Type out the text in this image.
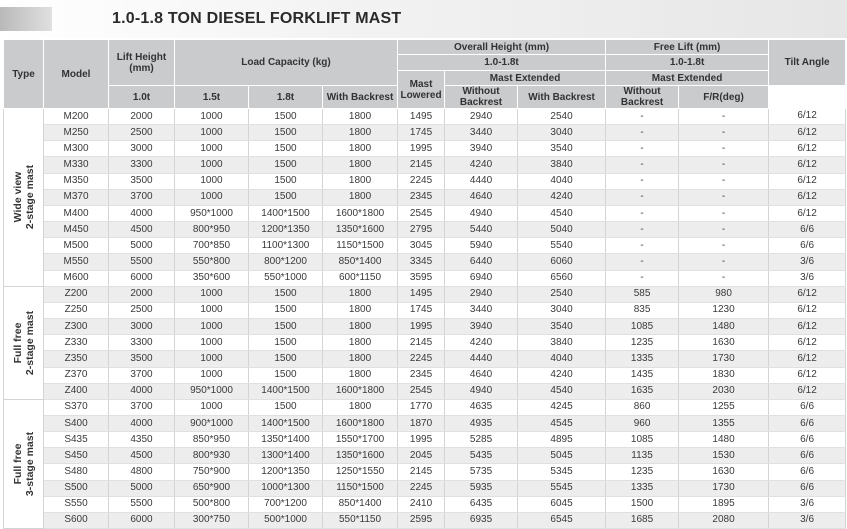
1.0-1.8 TON DIESEL FORKLIFT MAST
Type	Model	Lift Height (mm)	Load Capacity (kg)			Overall Height (mm)			Free Lift (mm)		Tilt Angle
						1.0-1.8t			1.0-1.8t		
						Mast Lowered	Mast Extended		Mast Extended		
		1.0t	1.5t	1.8t	With Backrest		Without Backrest	With Backrest	Without Backrest	F/R(deg)	

Wide view 2-stage mast	M200	2000	1000	1500	1800	1495	2940	2540	-	-	6/12
	M250	2500	1000	1500	1800	1745	3440	3040	-	-	6/12
	M300	3000	1000	1500	1800	1995	3940	3540	-	-	6/12
	M330	3300	1000	1500	1800	2145	4240	3840	-	-	6/12
	M350	3500	1000	1500	1800	2245	4440	4040	-	-	6/12
	M370	3700	1000	1500	1800	2345	4640	4240	-	-	6/12
	M400	4000	950*1000	1400*1500	1600*1800	2545	4940	4540	-	-	6/12
	M450	4500	800*950	1200*1350	1350*1600	2795	5440	5040	-	-	6/6
	M500	5000	700*850	1100*1300	1150*1500	3045	5940	5540	-	-	6/6
	M550	5500	550*800	800*1200	850*1400	3345	6440	6060	-	-	3/6
	M600	6000	350*600	550*1000	600*1150	3595	6940	6560	-	-	3/6

Full free 2-stage mast	Z200	2000	1000	1500	1800	1495	2940	2540	585	980	6/12
	Z250	2500	1000	1500	1800	1745	3440	3040	835	1230	6/12
	Z300	3000	1000	1500	1800	1995	3940	3540	1085	1480	6/12
	Z330	3300	1000	1500	1800	2145	4240	3840	1235	1630	6/12
	Z350	3500	1000	1500	1800	2245	4440	4040	1335	1730	6/12
	Z370	3700	1000	1500	1800	2345	4640	4240	1435	1830	6/12
	Z400	4000	950*1000	1400*1500	1600*1800	2545	4940	4540	1635	2030	6/12

Full free 3-stage mast	S370	3700	1000	1500	1800	1770	4635	4245	860	1255	6/6
	S400	4000	900*1000	1400*1500	1600*1800	1870	4935	4545	960	1355	6/6
	S435	4350	850*950	1350*1400	1550*1700	1995	5285	4895	1085	1480	6/6
	S450	4500	800*930	1300*1400	1350*1600	2045	5435	5045	1135	1530	6/6
	S480	4800	750*900	1200*1350	1250*1550	2145	5735	5345	1235	1630	6/6
	S500	5000	650*900	1000*1300	1150*1500	2245	5935	5545	1335	1730	6/6
	S550	5500	500*800	700*1200	850*1400	2410	6435	6045	1500	1895	3/6
	S600	6000	300*750	500*1000	550*1150	2595	6935	6545	1685	2080	3/6
